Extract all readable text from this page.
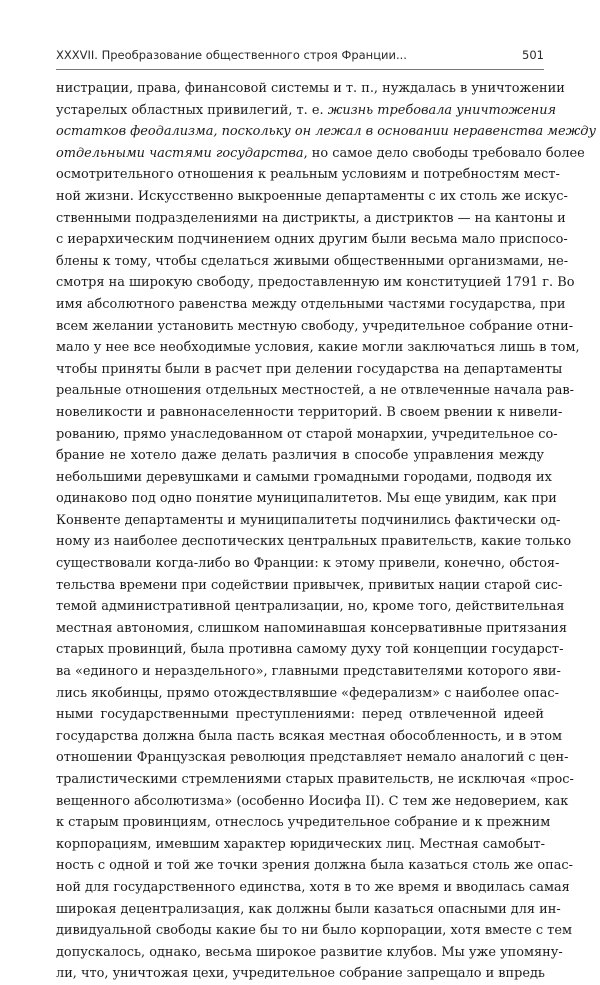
XXXVII. Преобразование общественного строя Франции...	501
нистрации, права, финансовой системы и т. п., нуждалась в уничтожении
устарелых областных привилегий, т. е. жизнь требовала уничтожения
остатков феодализма, поскольку он лежал в основании неравенства между
отдельными частями государства, но самое дело свободы требовало более
осмотрительного отношения к реальным условиям и потребностям мест-
ной жизни. Искусственно выкроенные департаменты с их столь же искус-
ственными подразделениями на дистрикты, а дистриктов — на кантоны и
с иерархическим подчинением одних другим были весьма мало приспосо-
блены к тому, чтобы сделаться живыми общественными организмами, не-
смотря на широкую свободу, предоставленную им конституцией 1791 г. Во
имя абсолютного равенства между отдельными частями государства, при
всем желании установить местную свободу, учредительное собрание отни-
мало у нее все необходимые условия, какие могли заключаться лишь в том,
чтобы приняты были в расчет при делении государства на департаменты
реальные отношения отдельных местностей, а не отвлеченные начала рав-
новеликости и равнонаселенности территорий. В своем рвении к нивели-
рованию, прямо унаследованном от старой монархии, учредительное со-
брание не хотело даже делать различия в способе управления между
небольшими деревушками и самыми громадными городами, подводя их
одинаково под одно понятие муниципалитетов. Мы еще увидим, как при
Конвенте департаменты и муниципалитеты подчинились фактически од-
ному из наиболее деспотических центральных правительств, какие только
существовали когда-либо во Франции: к этому привели, конечно, обстоя-
тельства времени при содействии привычек, привитых нации старой сис-
темой административной централизации, но, кроме того, действительная
местная автономия, слишком напоминавшая консервативные притязания
старых провинций, была противна самому духу той концепции государст-
ва «единого и нераздельного», главными представителями которого яви-
лись якобинцы, прямо отождествлявшие «федерализм» с наиболее опас-
ными государственными преступлениями: перед отвлеченной идеей
государства должна была пасть всякая местная обособленность, и в этом
отношении Французская революция представляет немало аналогий с цен-
тралистическими стремлениями старых правительств, не исключая «прос-
вещенного абсолютизма» (особенно Иосифа II). С тем же недоверием, как
к старым провинциям, отнеслось учредительное собрание и к прежним
корпорациям, имевшим характер юридических лиц. Местная самобыт-
ность с одной и той же точки зрения должна была казаться столь же опас-
ной для государственного единства, хотя в то же время и вводилась самая
широкая децентрализация, как должны были казаться опасными для ин-
дивидуальной свободы какие бы то ни было корпорации, хотя вместе с тем
допускалось, однако, весьма широкое развитие клубов. Мы уже упомяну-
ли, что, уничтожая цехи, учредительное собрание запрещало и впредь
